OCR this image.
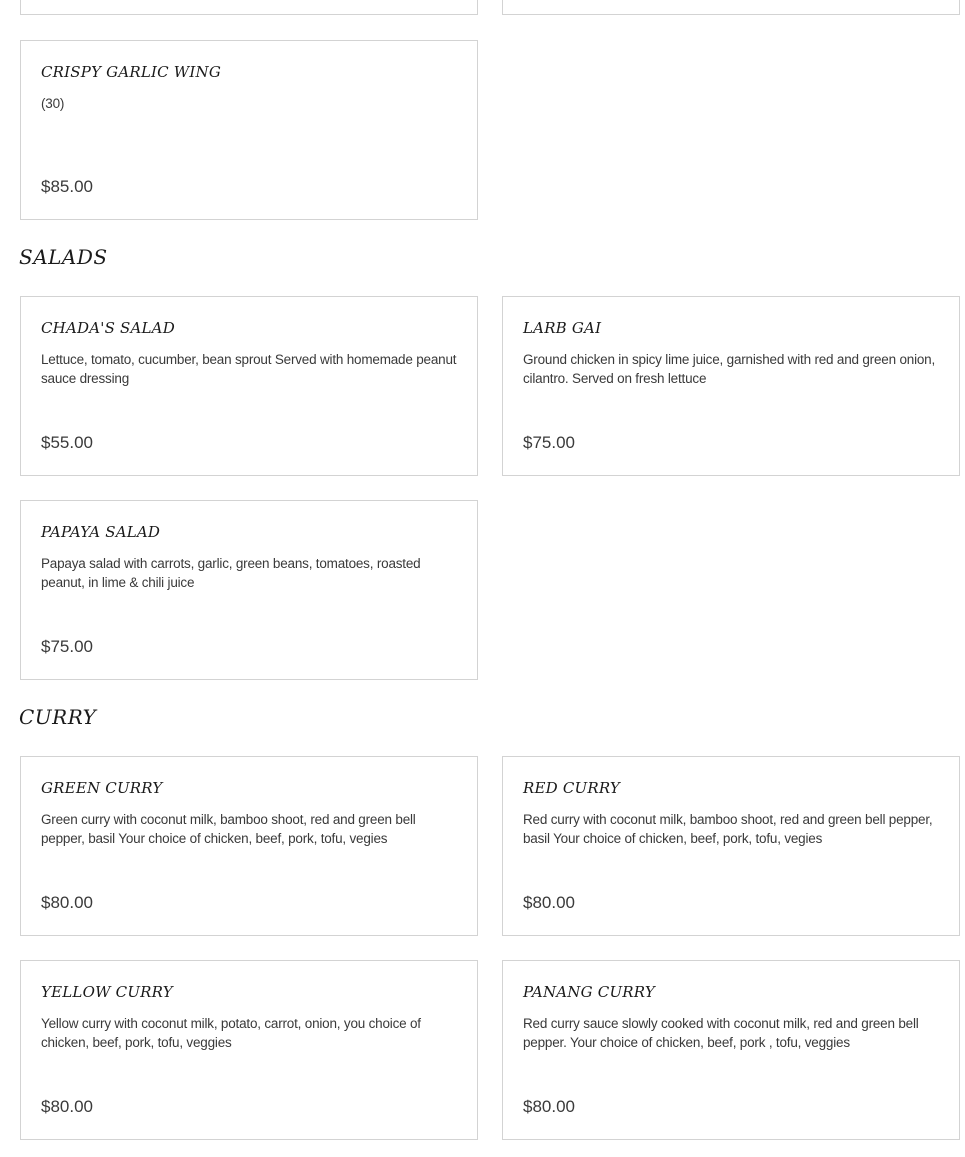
CRISPY GARLIC WING
(30)
$85.00
SALADS
CHADA'S SALAD
Lettuce, tomato, cucumber, bean sprout Served with homemade peanut sauce dressing
$55.00
LARB GAI
Ground chicken in spicy lime juice, garnished with red and green onion, cilantro. Served on fresh lettuce
$75.00
PAPAYA SALAD
Papaya salad with carrots, garlic, green beans, tomatoes, roasted peanut, in lime & chili juice
$75.00
CURRY
GREEN CURRY
Green curry with coconut milk, bamboo shoot, red and green bell pepper, basil Your choice of chicken, beef, pork, tofu, vegies
$80.00
RED CURRY
Red curry with coconut milk, bamboo shoot, red and green bell pepper, basil Your choice of chicken, beef, pork, tofu, vegies
$80.00
YELLOW CURRY
Yellow curry with coconut milk, potato, carrot, onion, you choice of chicken, beef, pork, tofu, veggies
$80.00
PANANG CURRY
Red curry sauce slowly cooked with coconut milk, red and green bell pepper. Your choice of chicken, beef, pork , tofu, veggies
$80.00
